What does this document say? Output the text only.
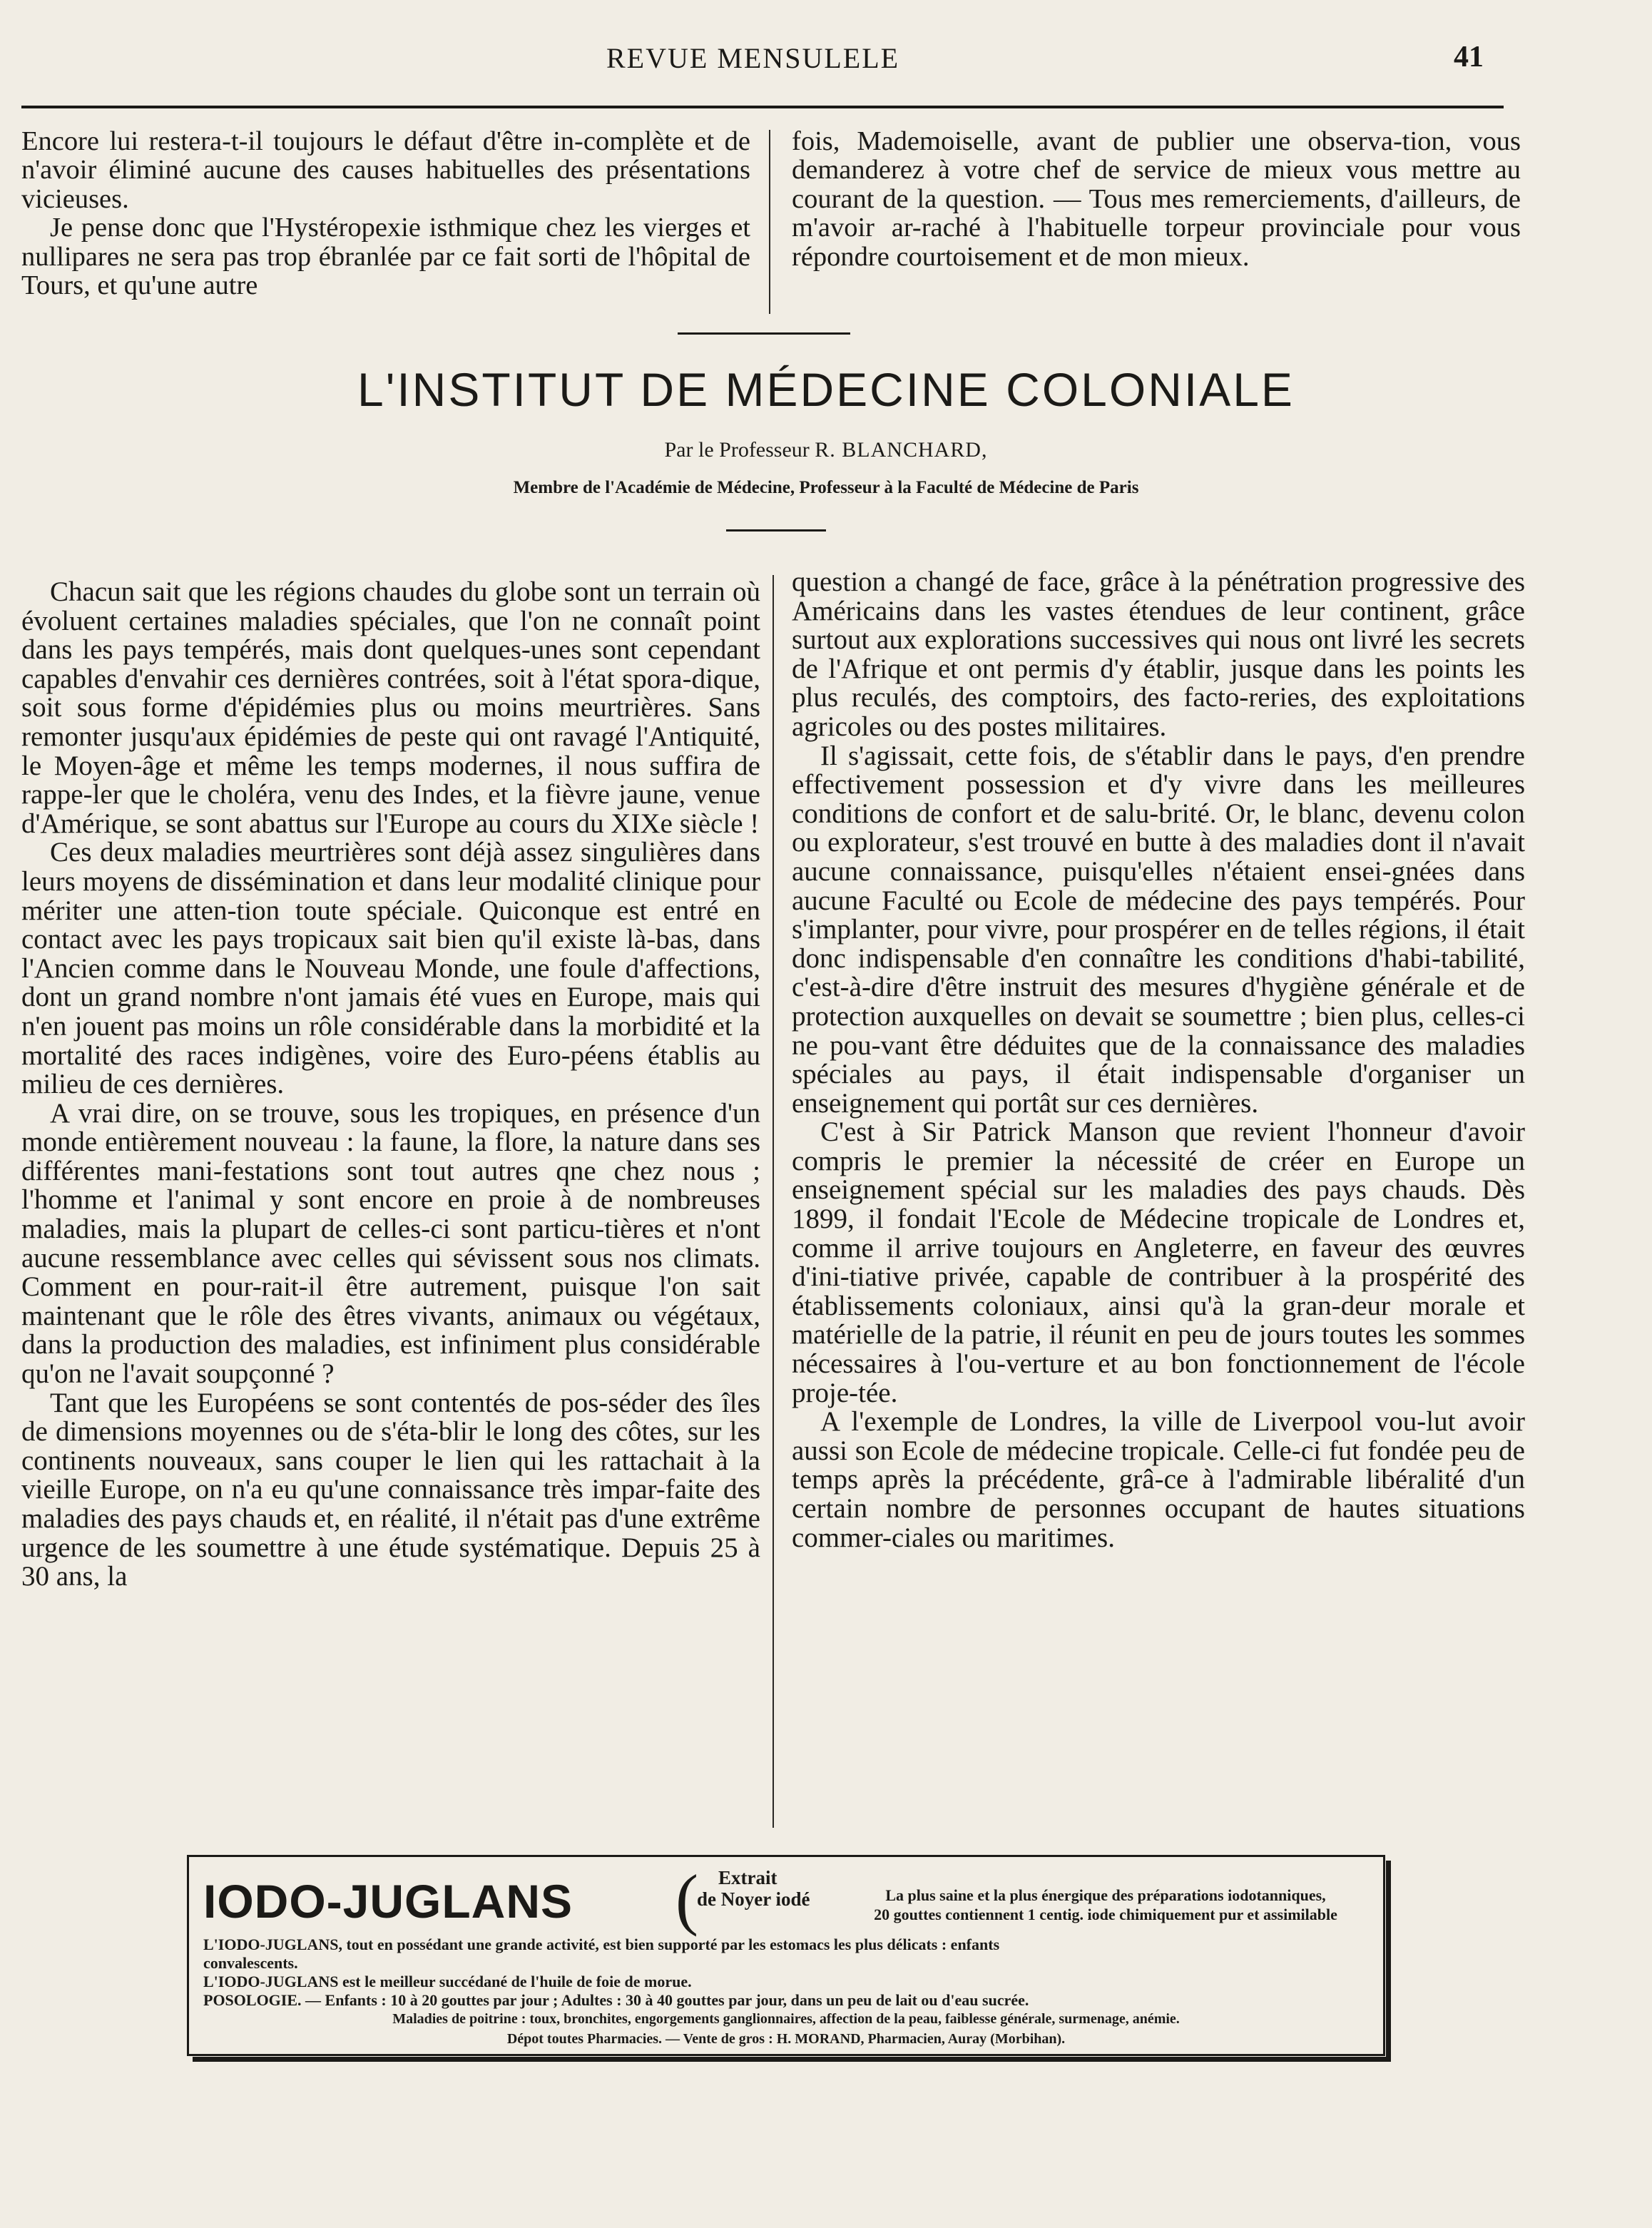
REVUE MENSULELE	41

Encore lui restera-t-il toujours le défaut d'être in-complète et de n'avoir éliminé aucune des causes habituelles des présentations vicieuses.

Je pense donc que l'Hystéropexie isthmique chez les vierges et nullipares ne sera pas trop ébranlée par ce fait sorti de l'hôpital de Tours, et qu'une autre

fois, Mademoiselle, avant de publier une observa-tion, vous demanderez à votre chef de service de mieux vous mettre au courant de la question. — Tous mes remerciements, d'ailleurs, de m'avoir ar-raché à l'habituelle torpeur provinciale pour vous répondre courtoisement et de mon mieux.

L'INSTITUT DE MÉDECINE COLONIALE
Par le Professeur R. BLANCHARD,
Membre de l'Académie de Médecine, Professeur à la Faculté de Médecine de Paris

Chacun sait que les régions chaudes du globe sont un terrain où évoluent certaines maladies spéciales, que l'on ne connaît point dans les pays tempérés, mais dont quelques-unes sont cependant capables d'envahir ces dernières contrées, soit à l'état spora-dique, soit sous forme d'épidémies plus ou moins meurtrières. Sans remonter jusqu'aux épidémies de peste qui ont ravagé l'Antiquité, le Moyen-âge et même les temps modernes, il nous suffira de rappe-ler que le choléra, venu des Indes, et la fièvre jaune, venue d'Amérique, se sont abattus sur l'Europe au cours du XIXe siècle !

Ces deux maladies meurtrières sont déjà assez singulières dans leurs moyens de dissémination et dans leur modalité clinique pour mériter une atten-tion toute spéciale. Quiconque est entré en contact avec les pays tropicaux sait bien qu'il existe là-bas, dans l'Ancien comme dans le Nouveau Monde, une foule d'affections, dont un grand nombre n'ont jamais été vues en Europe, mais qui n'en jouent pas moins un rôle considérable dans la morbidité et la mortalité des races indigènes, voire des Euro-péens établis au milieu de ces dernières.

A vrai dire, on se trouve, sous les tropiques, en présence d'un monde entièrement nouveau : la faune, la flore, la nature dans ses différentes mani-festations sont tout autres qne chez nous ; l'homme et l'animal y sont encore en proie à de nombreuses maladies, mais la plupart de celles-ci sont particu-tières et n'ont aucune ressemblance avec celles qui sévissent sous nos climats. Comment en pour-rait-il être autrement, puisque l'on sait maintenant que le rôle des êtres vivants, animaux ou végétaux, dans la production des maladies, est infiniment plus considérable qu'on ne l'avait soupçonné ?

Tant que les Européens se sont contentés de pos-séder des îles de dimensions moyennes ou de s'éta-blir le long des côtes, sur les continents nouveaux, sans couper le lien qui les rattachait à la vieille Europe, on n'a eu qu'une connaissance très impar-faite des maladies des pays chauds et, en réalité, il n'était pas d'une extrême urgence de les soumettre à une étude systématique. Depuis 25 à 30 ans, la

question a changé de face, grâce à la pénétration progressive des Américains dans les vastes étendues de leur continent, grâce surtout aux explorations successives qui nous ont livré les secrets de l'Afrique et ont permis d'y établir, jusque dans les points les plus reculés, des comptoirs, des facto-reries, des exploitations agricoles ou des postes militaires.

Il s'agissait, cette fois, de s'établir dans le pays, d'en prendre effectivement possession et d'y vivre dans les meilleures conditions de confort et de salu-brité. Or, le blanc, devenu colon ou explorateur, s'est trouvé en butte à des maladies dont il n'avait aucune connaissance, puisqu'elles n'étaient ensei-gnées dans aucune Faculté ou Ecole de médecine des pays tempérés. Pour s'implanter, pour vivre, pour prospérer en de telles régions, il était donc indispensable d'en connaître les conditions d'habi-tabilité, c'est-à-dire d'être instruit des mesures d'hygiène générale et de protection auxquelles on devait se soumettre ; bien plus, celles-ci ne pou-vant être déduites que de la connaissance des maladies spéciales au pays, il était indispensable d'organiser un enseignement qui portât sur ces dernières.

C'est à Sir Patrick Manson que revient l'honneur d'avoir compris le premier la nécessité de créer en Europe un enseignement spécial sur les maladies des pays chauds. Dès 1899, il fondait l'Ecole de Médecine tropicale de Londres et, comme il arrive toujours en Angleterre, en faveur des œuvres d'ini-tiative privée, capable de contribuer à la prospérité des établissements coloniaux, ainsi qu'à la gran-deur morale et matérielle de la patrie, il réunit en peu de jours toutes les sommes nécessaires à l'ou-verture et au bon fonctionnement de l'école proje-tée.

A l'exemple de Londres, la ville de Liverpool vou-lut avoir aussi son Ecole de médecine tropicale. Celle-ci fut fondée peu de temps après la précédente, grâ-ce à l'admirable libéralité d'un certain nombre de personnes occupant de hautes situations commer-ciales ou maritimes.

IODO-JUGLANS (	Extrait
de Noyer iodé	La plus saine et la plus énergique des préparations iodotanniques,
20 gouttes contiennent 1 centig. iode chimiquement pur et assimilable
L'IODO-JUGLANS, tout en possédant une grande activité, est bien supporté par les estomacs les plus délicats : enfants
convalescents.
L'IODO-JUGLANS est le meilleur succédané de l'huile de foie de morue.
POSOLOGIE. — Enfants : 10 à 20 gouttes par jour ; Adultes : 30 à 40 gouttes par jour, dans un peu de lait ou d'eau sucrée.
Maladies de poitrine : toux, bronchites, engorgements ganglionnaires, affection de la peau, faiblesse générale, surmenage, anémie.
Dépot toutes Pharmacies. — Vente de gros : H. MORAND, Pharmacien, Auray (Morbihan).
